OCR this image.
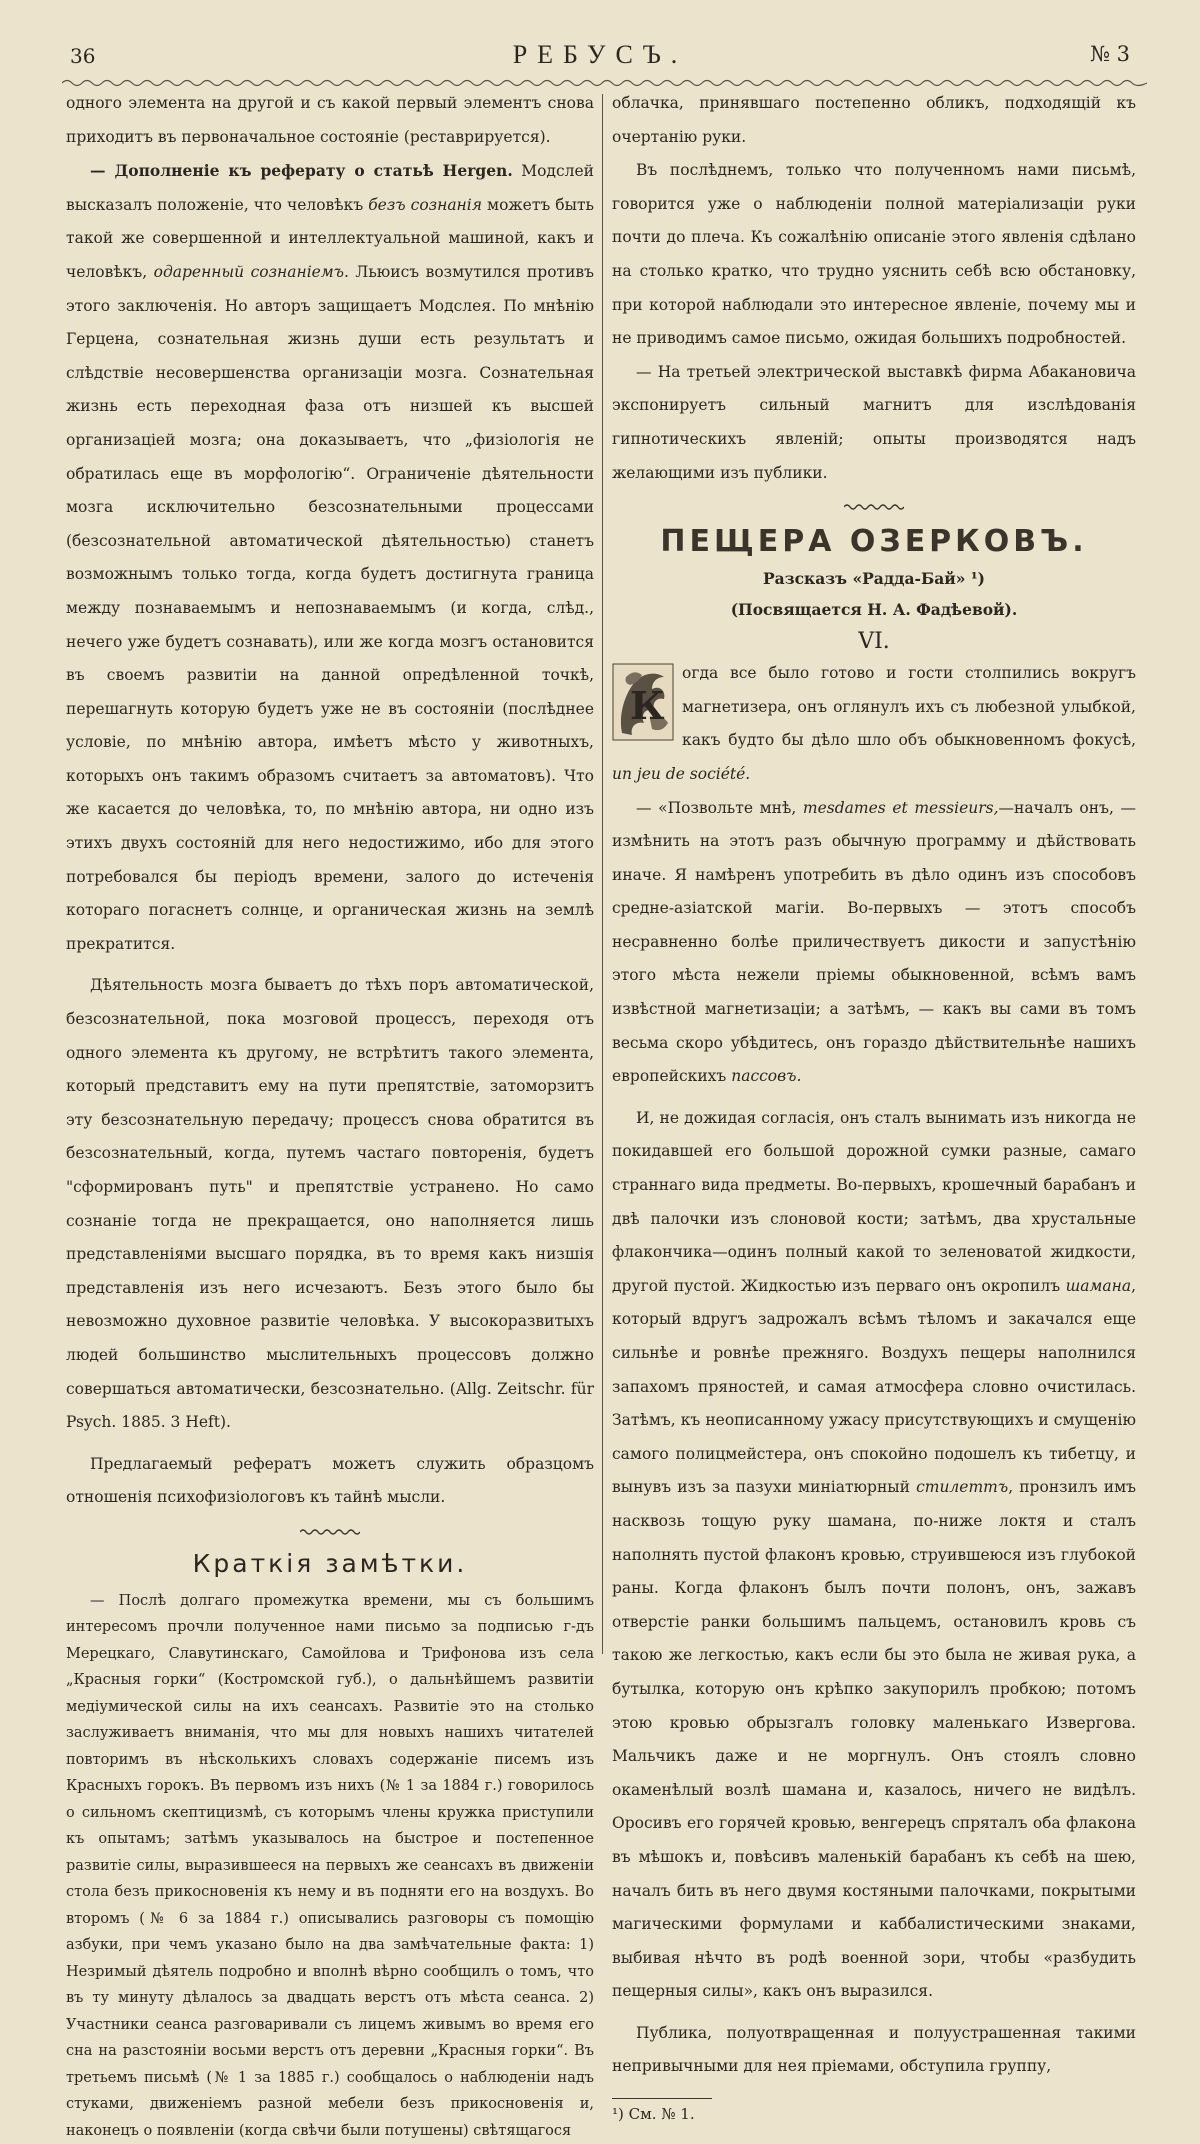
36	РЕБУСЪ.	№ 3

одного элемента на другой и съ какой первый элементъ снова приходитъ въ первоначальное состояніе (реставрируется).

— Дополненіе къ реферату о статьѣ Hergen. Модслей высказалъ положеніе, что человѣкъ безъ сознанія можетъ быть такой же совершенной и интеллектуальной машиной, какъ и человѣкъ, одаренный сознаніемъ. Льюисъ возмутился противъ этого заключенія. Но авторъ защищаетъ Модслея. По мнѣнію Герцена, сознательная жизнь души есть результатъ и слѣдствіе несовершенства организаціи мозга. Сознательная жизнь есть переходная фаза отъ низшей къ высшей организаціей мозга; она доказываетъ, что „физіологія не обратилась еще въ морфологію“. Ограниченіе дѣятельности мозга исключительно безсознательными процессами (безсознательной автоматической дѣятельностью) станетъ возможнымъ только тогда, когда будетъ достигнута граница между познаваемымъ и непознаваемымъ (и когда, слѣд., нечего уже будетъ сознавать), или же когда мозгъ остановится въ своемъ развитіи на данной опредѣленной точкѣ, перешагнуть которую будетъ уже не въ состояніи (послѣднее условіе, по мнѣнію автора, имѣетъ мѣсто у животныхъ, которыхъ онъ такимъ образомъ считаетъ за автоматовъ). Что же касается до человѣка, то, по мнѣнію автора, ни одно изъ этихъ двухъ состояній для него недостижимо, ибо для этого потребовался бы періодъ времени, залого до истеченія котораго погаснетъ солнце, и органическая жизнь на землѣ прекратится.

Дѣятельность мозга бываетъ до тѣхъ поръ автоматической, безсознательной, пока мозговой процессъ, переходя отъ одного элемента къ другому, не встрѣтитъ такого элемента, который представитъ ему на пути препятствіе, затоморзитъ эту безсознательную передачу; процессъ снова обратится въ безсознательный, когда, путемъ частаго повторенія, будетъ "сформированъ путь" и препятствіе устранено. Но само сознаніе тогда не прекращается, оно наполняется лишь представленіями высшаго порядка, въ то время какъ низшія представленія изъ него исчезаютъ. Безъ этого было бы невозможно духовное развитіе человѣка. У высокоразвитыхъ людей большинство мыслительныхъ процессовъ должно совершаться автоматически, безсознательно. (Allg. Zeitschr. für Psych. 1885. 3 Heft).

Предлагаемый рефератъ можетъ служить образцомъ отношенія психофизіологовъ къ тайнѣ мысли.

Краткія замѣтки.

— Послѣ долгаго промежутка времени, мы съ большимъ интересомъ прочли полученное нами письмо за подписью г-дъ Мерецкаго, Славутинскаго, Самойлова и Трифонова изъ села „Красныя горки“ (Костромской губ.), о дальнѣйшемъ развитіи медіумической силы на ихъ сеансахъ. Развитіе это на столько заслуживаетъ вниманія, что мы для новыхъ нашихъ читателей повторимъ въ нѣсколькихъ словахъ содержаніе писемъ изъ Красныхъ горокъ. Въ первомъ изъ нихъ (№ 1 за 1884 г.) говорилось о сильномъ скептицизмѣ, съ которымъ члены кружка приступили къ опытамъ; затѣмъ указывалось на быстрое и постепенное развитіе силы, выразившееся на первыхъ же сеансахъ въ движеніи стола безъ прикосновенія къ нему и въ подняти его на воздухъ. Во второмъ (№ 6 за 1884 г.) описывались разговоры съ помощію азбуки, при чемъ указано было на два замѣчательные факта: 1) Незримый дѣятель подробно и вполнѣ вѣрно сообщилъ о томъ, что въ ту минуту дѣлалось за двадцать верстъ отъ мѣста сеанса. 2) Участники сеанса разговаривали съ лицемъ живымъ во время его сна на разстояніи восьми верстъ отъ деревни „Красныя горки“. Въ третьемъ письмѣ (№ 1 за 1885 г.) сообщалось о наблюденіи надъ стуками, движеніемъ разной мебели безъ прикосновенія и, наконецъ о появленіи (когда свѣчи были потушены) свѣтящагося

облачка, принявшаго постепенно обликъ, подходящій къ очертанію руки.

Въ послѣднемъ, только что полученномъ нами письмѣ, говорится уже о наблюденіи полной матеріализаціи руки почти до плеча. Къ сожалѣнію описаніе этого явленія сдѣлано на столько кратко, что трудно уяснить себѣ всю обстановку, при которой наблюдали это интересное явленіе, почему мы и не приводимъ самое письмо, ожидая большихъ подробностей.

— На третьей электрической выставкѣ фирма Абакановича экспонируетъ сильный магнитъ для изслѣдованія гипнотическихъ явленій; опыты производятся надъ желающими изъ публики.

ПЕЩЕРА ОЗЕРКОВЪ.
Разсказъ «Радда-Бай» ¹)
(Посвящается Н. А. Фадѣевой).
VI.
К

огда все было готово и гости столпились вокругъ магнетизера, онъ оглянулъ ихъ съ любезной улыбкой, какъ будто бы дѣло шло объ обыкновенномъ фокусѣ, un jeu de société.

— «Позвольте мнѣ, mesdames et messieurs,—началъ онъ, — измѣнить на этотъ разъ обычную программу и дѣйствовать иначе. Я намѣренъ употребить въ дѣло одинъ изъ способовъ средне-азіатской магіи. Во-первыхъ — этотъ способъ несравненно болѣе приличествуетъ дикости и запустѣнію этого мѣста нежели пріемы обыкновенной, всѣмъ вамъ извѣстной магнетизаціи; а затѣмъ, — какъ вы сами въ томъ весьма скоро убѣдитесь, онъ гораздо дѣйствительнѣе нашихъ европейскихъ пассовъ.

И, не дожидая согласія, онъ сталъ вынимать изъ никогда не покидавшей его большой дорожной сумки разные, самаго страннаго вида предметы. Во-первыхъ, крошечный барабанъ и двѣ палочки изъ слоновой кости; затѣмъ, два хрустальные флакончика—одинъ полный какой то зеленоватой жидкости, другой пустой. Жидкостью изъ перваго онъ окропилъ шамана, который вдругъ задрожалъ всѣмъ тѣломъ и закачался еще сильнѣе и ровнѣе прежняго. Воздухъ пещеры наполнился запахомъ пряностей, и самая атмосфера словно очистилась. Затѣмъ, къ неописанному ужасу присутствующихъ и смущенію самого полицмейстера, онъ спокойно подошелъ къ тибетцу, и вынувъ изъ за пазухи миніатюрный стилеттъ, пронзилъ имъ насквозь тощую руку шамана, по-ниже локтя и сталъ наполнять пустой флаконъ кровью, струившеюся изъ глубокой раны. Когда флаконъ былъ почти полонъ, онъ, зажавъ отверстіе ранки большимъ пальцемъ, остановилъ кровь съ такою же легкостью, какъ если бы это была не живая рука, а бутылка, которую онъ крѣпко закупорилъ пробкою; потомъ этою кровью обрызгалъ головку маленькаго Извергова. Мальчикъ даже и не моргнулъ. Онъ стоялъ словно окаменѣлый возлѣ шамана и, казалось, ничего не видѣлъ. Оросивъ его горячей кровью, венгерецъ спряталъ оба флакона въ мѣшокъ и, повѣсивъ маленькій барабанъ къ себѣ на шею, началъ бить въ него двумя костяными палочками, покрытыми магическими формулами и каббалистическими знаками, выбивая нѣчто въ родѣ военной зори, чтобы «разбудить пещерныя силы», какъ онъ выразился.

Публика, полуотвращенная и полуустрашенная такими непривычными для нея пріемами, обступила группу,

¹) См. № 1.
